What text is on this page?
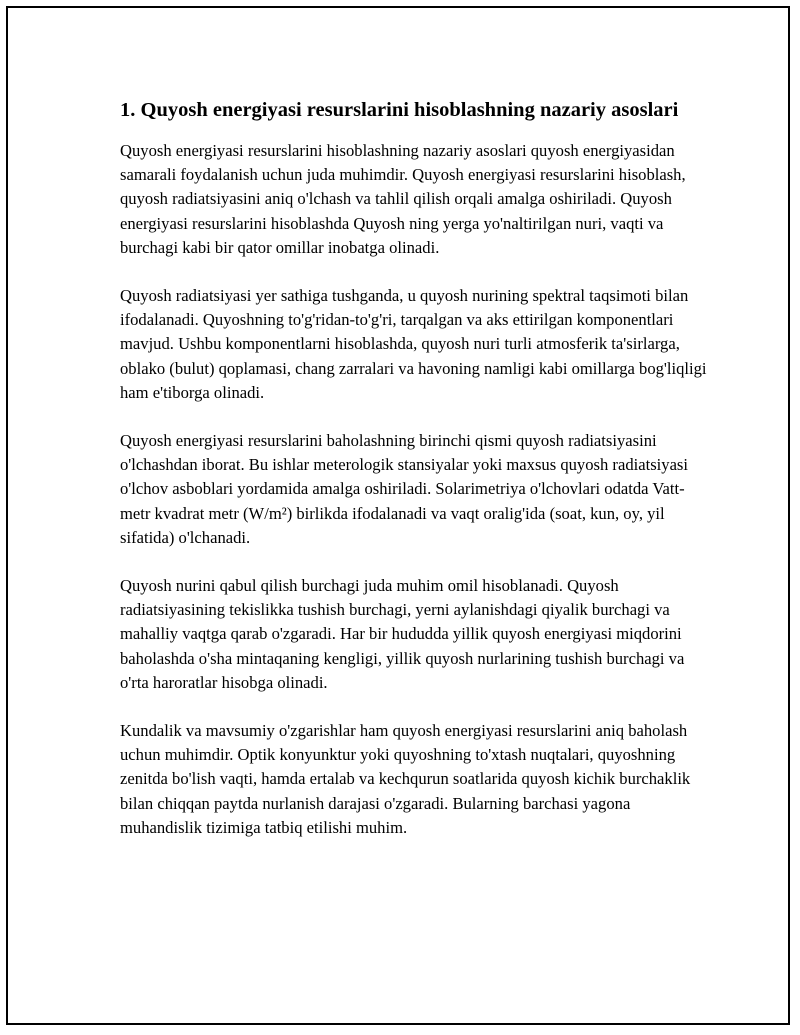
1. Quyosh energiyasi resurslarini hisoblashning nazariy asoslari

Quyosh energiyasi resurslarini hisoblashning nazariy asoslari quyosh energiyasidan samarali foydalanish uchun juda muhimdir. Quyosh energiyasi resurslarini hisoblash, quyosh radiatsiyasini aniq o'lchash va tahlil qilish orqali amalga oshiriladi. Quyosh energiyasi resurslarini hisoblashda Quyosh ning yerga yo'naltirilgan nuri, vaqti va burchagi kabi bir qator omillar inobatga olinadi.

Quyosh radiatsiyasi yer sathiga tushganda, u quyosh nurining spektral taqsimoti bilan ifodalanadi. Quyoshning to'g'ridan-to'g'ri, tarqalgan va aks ettirilgan komponentlari mavjud. Ushbu komponentlarni hisoblashda, quyosh nuri turli atmosferik ta'sirlarga, oblako (bulut) qoplamasi, chang zarralari va havoning namligi kabi omillarga bog'liqligi ham e'tiborga olinadi.

Quyosh energiyasi resurslarini baholashning birinchi qismi quyosh radiatsiyasini o'lchashdan iborat. Bu ishlar meterologik stansiyalar yoki maxsus quyosh radiatsiyasi o'lchov asboblari yordamida amalga oshiriladi. Solarimetriya o'lchovlari odatda Vatt-metr kvadrat metr (W/m²) birlikda ifodalanadi va vaqt oralig'ida (soat, kun, oy, yil sifatida) o'lchanadi.

Quyosh nurini qabul qilish burchagi juda muhim omil hisoblanadi. Quyosh radiatsiyasining tekislikka tushish burchagi, yerni aylanishdagi qiyalik burchagi va mahalliy vaqtga qarab o'zgaradi. Har bir hududda yillik quyosh energiyasi miqdorini baholashda o'sha mintaqaning kengligi, yillik quyosh nurlarining tushish burchagi va o'rta haroratlar hisobga olinadi.

Kundalik va mavsumiy o'zgarishlar ham quyosh energiyasi resurslarini aniq baholash uchun muhimdir. Optik konyunktur yoki quyoshning to'xtash nuqtalari, quyoshning zenitda bo'lish vaqti, hamda ertalab va kechqurun soatlarida quyosh kichik burchaklik bilan chiqqan paytda nurlanish darajasi o'zgaradi. Bularning barchasi yagona muhandislik tizimiga tatbiq etilishi muhim.
